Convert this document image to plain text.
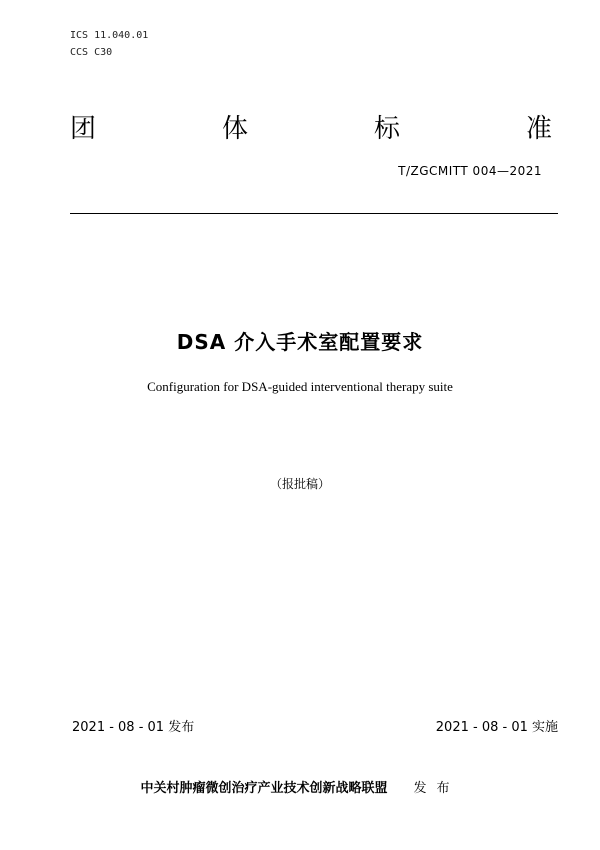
ICS 11.040.01
CCS C30
团	体	标	准
T/ZGCMITT 004—2021
DSA 介入手术室配置要求
Configuration for DSA-guided interventional therapy suite
（报批稿）
2021 - 08 - 01 发布	2021 - 08 - 01 实施
中关村肿瘤微创治疗产业技术创新战略联盟 发布
